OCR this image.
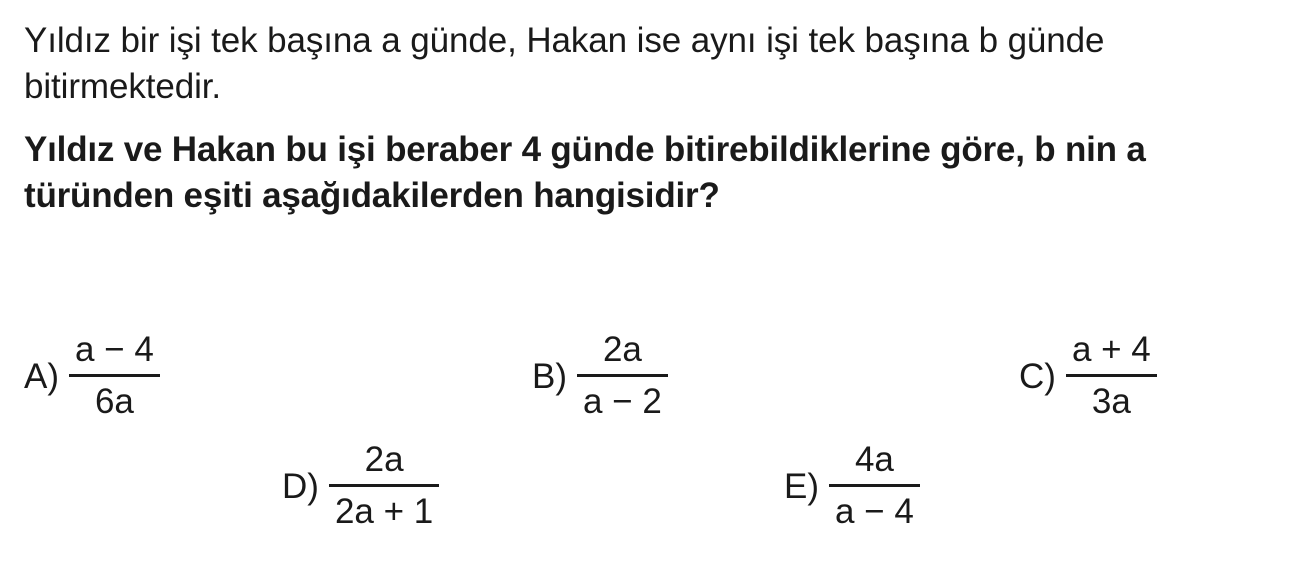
Yıldız bir işi tek başına a günde, Hakan ise aynı işi tek başına b günde bitirmektedir.

Yıldız ve Hakan bu işi beraber 4 günde bitirebildiklerine göre, b nin a türünden eşiti aşağıdakilerden hangisidir?

$A) \frac{a - 4}{6a}$	$B) \frac{2a}{a - 2}$	$C) \frac{a + 4}{3a}$
$D) \frac{2a}{2a + 1}$	$E) \frac{4a}{a - 4}$
